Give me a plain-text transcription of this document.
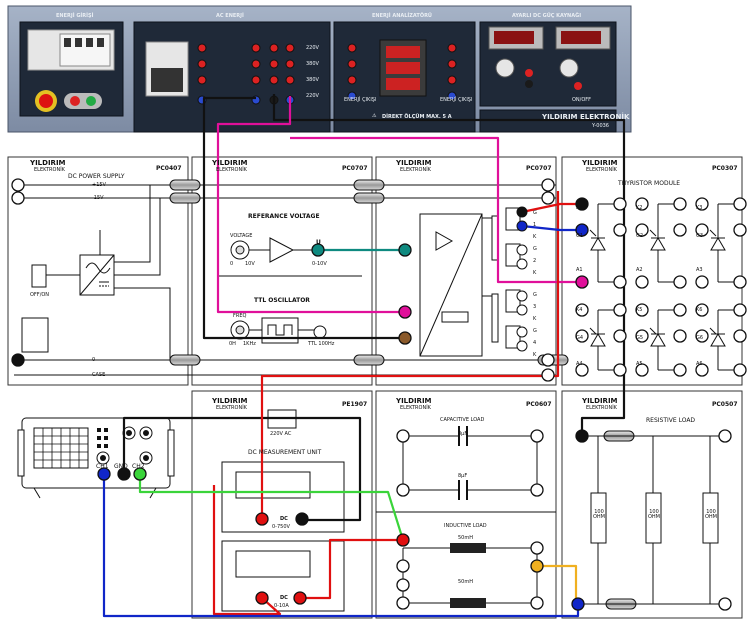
ENERJİ GİRİŞİ	AC ENERJİ	ENERJİ ANALİZATÖRÜ	AYARLI DC GÜÇ KAYNAĞI
ENERJİ ÇIKIŞI	ENERJİ ÇIKIŞI
⚠ DİREKT ÖLÇÜM MAX. 5 A
ON/OFF
YILDIRIM ELEKTRONİK
Y-0036
220V
380V
380V
220V
YILDIRIM
ELEKTRONİK	PC0407
DC POWER SUPPLY
+15V
-15V
0
CASE
OFF/ON
YILDIRIM
ELEKTRONİK	PC0707
REFERANCE VOLTAGE
VOLTAGE
0 10V
U
0-10V
TTL OSCILLATOR
FREQ
0H 1KHz	TTL 100Hz
YILDIRIM
ELEKTRONİK	PC0707
G
1
K
G
2
K
G
3
K
G
4
K
YILDIRIM
ELEKTRONİK	PC0307
THYRISTOR MODULE
K1	K2	K3
G1	G2	G3
A1	A2	A3
K4	K5	K6
G4	G5	G6
A4	A5	A6
YILDIRIM
ELEKTRONİK	PE1907
220V AC
DC MEASUREMENT UNIT
DC
0-750V
DC
0-10A
YILDIRIM
ELEKTRONİK	PC0607
CAPACITIVE LOAD
8µF
8µF
INDUCTIVE LOAD
50mH
50mH
YILDIRIM
ELEKTRONİK	PC0507
RESISTIVE LOAD
100 OHM
100 OHM
100 OHM
CH1 GND CH2
